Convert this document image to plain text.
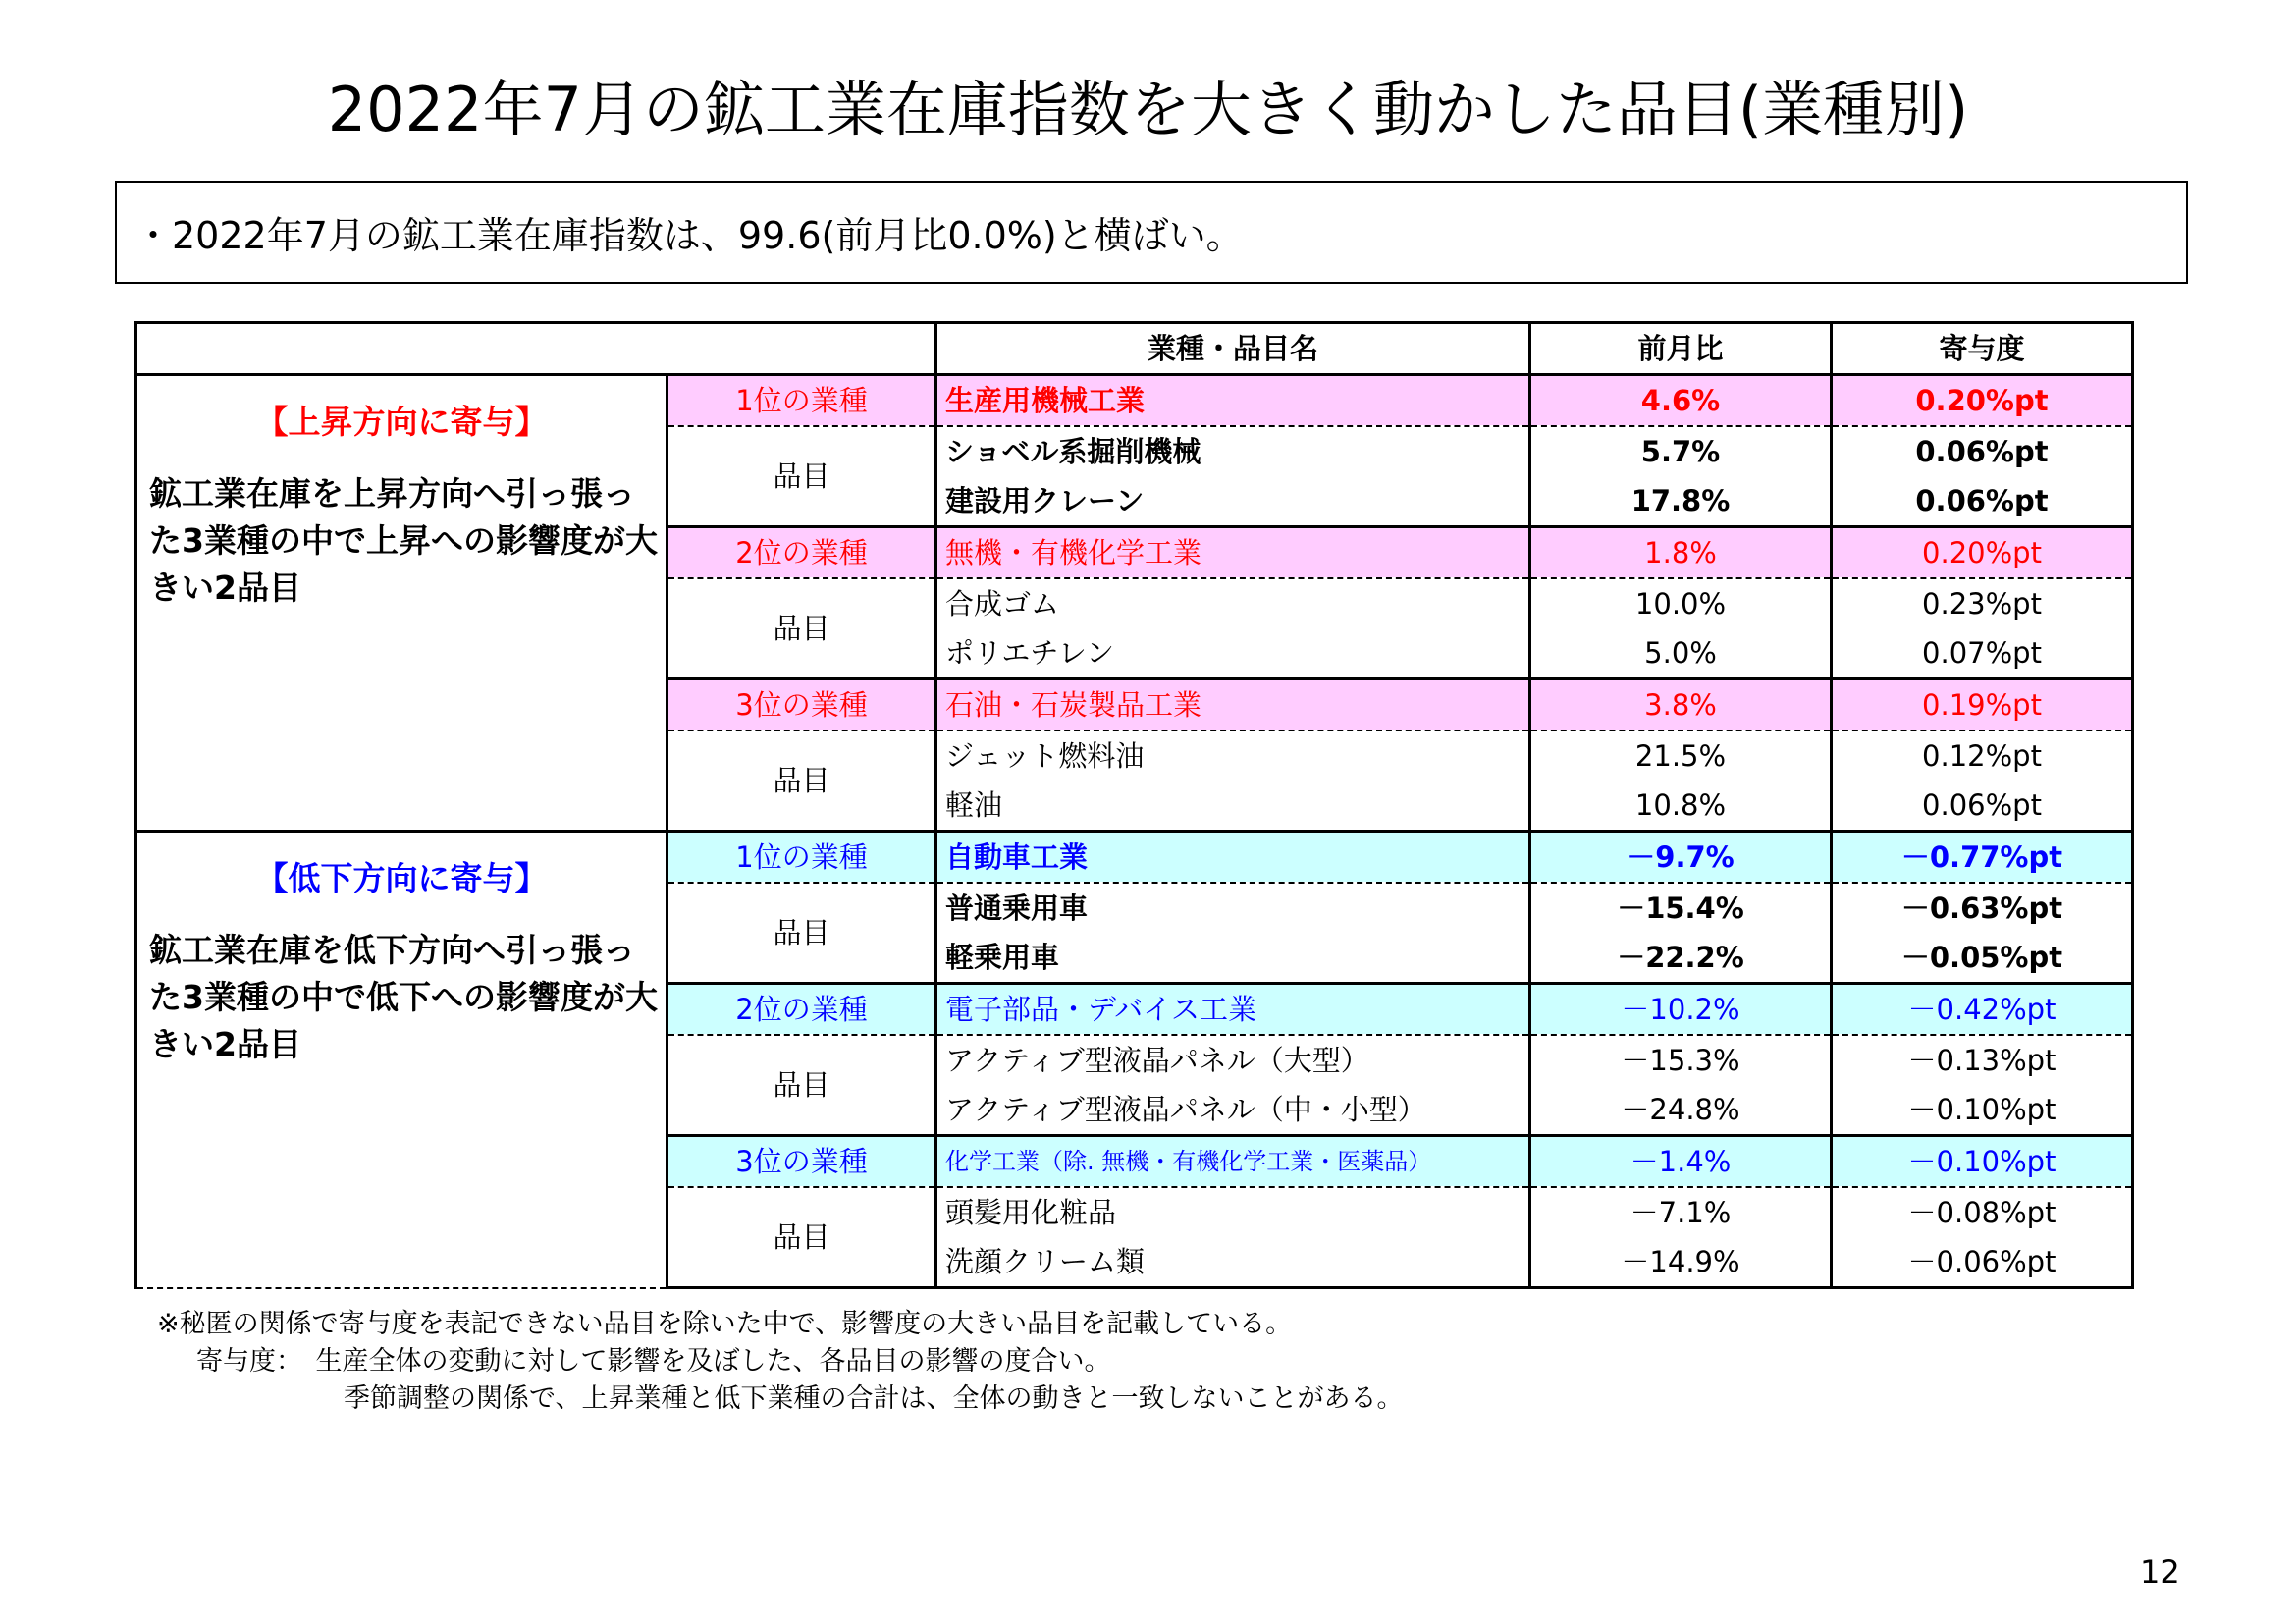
2022年7月の鉱工業在庫指数を大きく動かした品目(業種別)
・2022年7月の鉱工業在庫指数は、99.6(前月比0.0%)と横ばい。
		業種・品目名	前月比	寄与度

【上昇方向に寄与】
鉱工業在庫を上昇方向へ引っ張った3業種の中で上昇への影響度が大きい2品目	1位の業種	生産用機械工業	4.6%	0.20%pt
	品目	ショベル系掘削機械	5.7%	0.06%pt
		建設用クレーン	17.8%	0.06%pt
	2位の業種	無機・有機化学工業	1.8%	0.20%pt
	品目	合成ゴム	10.0%	0.23%pt
		ポリエチレン	5.0%	0.07%pt
	3位の業種	石油・石炭製品工業	3.8%	0.19%pt
	品目	ジェット燃料油	21.5%	0.12%pt
		軽油	10.8%	0.06%pt

【低下方向に寄与】
鉱工業在庫を低下方向へ引っ張った3業種の中で低下への影響度が大きい2品目	1位の業種	自動車工業	－9.7%	－0.77%pt
	品目	普通乗用車	－15.4%	－0.63%pt
		軽乗用車	－22.2%	－0.05%pt
	2位の業種	電子部品・デバイス工業	－10.2%	－0.42%pt
	品目	アクティブ型液晶パネル（大型）	－15.3%	－0.13%pt
		アクティブ型液晶パネル（中・小型）	－24.8%	－0.10%pt
	3位の業種	化学工業（除. 無機・有機化学工業・医薬品）	－1.4%	－0.10%pt
	品目	頭髪用化粧品	－7.1%	－0.08%pt
		洗顔クリーム類	－14.9%	－0.06%pt
※秘匿の関係で寄与度を表記できない品目を除いた中で、影響度の大きい品目を記載している。
寄与度：　生産全体の変動に対して影響を及ぼした、各品目の影響の度合い。
季節調整の関係で、上昇業種と低下業種の合計は、全体の動きと一致しないことがある。
12
